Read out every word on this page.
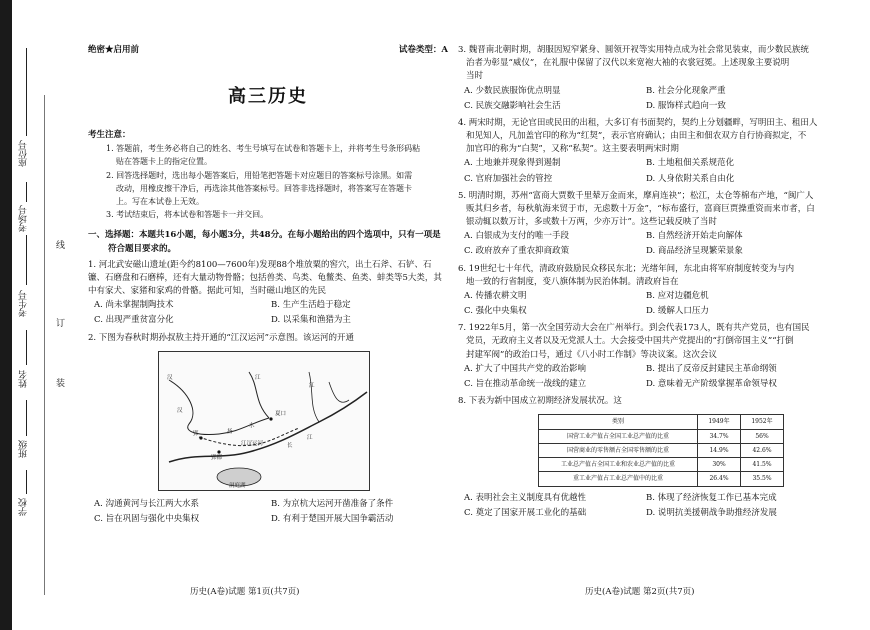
座位号
考场号
线
考生号
订
姓名	装
班级
学校
绝密★启用前	试卷类型：A
高三历史
考生注意：
1. 答题前，考生务必将自己的姓名、考生号填写在试卷和答题卡上，并将考生号条形码粘
贴在答题卡上的指定位置。
2. 回答选择题时，选出每小题答案后，用铅笔把答题卡对应题目的答案标号涂黑。如需
改动，用橡皮擦干净后，再选涂其他答案标号。回答非选择题时，将答案写在答题卡
上。写在本试卷上无效。
3. 考试结束后，将本试卷和答题卡一并交回。
一、选择题：本题共16小题，每小题3分，共48分。在每小题给出的四个选项中，只有一项是
符合题目要求的。
1. 河北武安磁山遗址(距今约8100—7600年)发现88个堆放粟的窖穴，出土石斧、石铲、石
镰、石磨盘和石磨棒，还有大量动物骨骼；包括兽类、鸟类、龟鳖类、鱼类、蚌类等5大类，其
中有家犬、家猪和家鸡的骨骼。据此可知，当时磁山地区的先民
A. 尚未掌握制陶技术	B. 生产生活趋于稳定
C. 出现严重贫富分化	D. 以采集和渔猎为主
2. 下图为春秋时期孙叔敖主持开通的“江汉运河”示意图。该运河的开通
汉	江
汉
江
郢	扬
水
夏口
江汉运河
郢都
长
江
洞庭湖
A. 沟通黄河与长江两大水系	B. 为京杭大运河开凿准备了条件
C. 旨在巩固与强化中央集权	D. 有利于楚国开展大国争霸活动
3. 魏晋南北朝时期，胡服因短窄紧身、圆领开衩等实用特点成为社会常见装束，而少数民族统
治者为彰显“威仪”，在礼服中保留了汉代以来宽袍大袖的衣裳冠冕。上述现象主要说明
当时
A. 少数民族服饰优点明显	B. 社会分化现象严重
C. 民族交融影响社会生活	D. 服饰样式趋向一致
4. 两宋时期，无论官田或民田的出租，大多订有书面契约，契约上分划疆畔，写明田主、租田人
和见知人，凡加盖官印的称为“红契”，表示官府确认；由田主和佃农双方自行协商拟定，不
加官印的称为“白契”，又称“私契”。这主要表明两宋时期
A. 土地兼并现象得到遏制	B. 土地租佃关系规范化
C. 官府加强社会的管控	D. 人身依附关系自由化
5. 明清时期，苏州“富商大贾数千里辇万金而来，摩肩连袂”；松江，太仓等棉布产地，“闽广人
贩其归乡者，每秋航海来贸于市，无虑数十万金”，“标布盛行，富商巨贾操重资而来市者，白
银动辄以数万计，多或数十万两，少亦万计”。这些记载反映了当时
A. 白银成为支付的唯一手段	B. 自然经济开始走向解体
C. 政府放弃了重农抑商政策	D. 商品经济呈现繁荣景象
6. 19世纪七十年代，清政府鼓励民众移民东北；光绪年间，东北由将军府制度转变为与内
地一致的行省制度，变八旗体制为民治体制。清政府旨在
A. 传播农耕文明	B. 应对边疆危机
C. 强化中央集权	D. 缓解人口压力
7. 1922年5月，第一次全国劳动大会在广州举行。到会代表173人，既有共产党员，也有国民
党员，无政府主义者以及无党派人士。大会接受中国共产党提出的“打倒帝国主义”“打倒
封建军阀”的政治口号，通过《八小时工作制》等决议案。这次会议
A. 扩大了中国共产党的政治影响	B. 提出了反帝反封建民主革命纲领
C. 旨在推动革命统一战线的建立	D. 意味着无产阶级掌握革命领导权
8. 下表为新中国成立初期经济发展状况。这
类别	1949年	1952年
国营工业产值占全国工业总产值的比重	34.7%	56%
国营商业的零售额占全国零售额的比重	14.9%	42.6%
工业总产值占全国工业和农业总产值的比重	30%	41.5%
重工业产值占工业总产值中的比重	26.4%	35.5%
A. 表明社会主义制度具有优越性	B. 体现了经济恢复工作已基本完成
C. 奠定了国家开展工业化的基础	D. 说明抗美援朝战争助推经济发展
历史(A卷)试题 第1页(共7页)	历史(A卷)试题 第2页(共7页)
